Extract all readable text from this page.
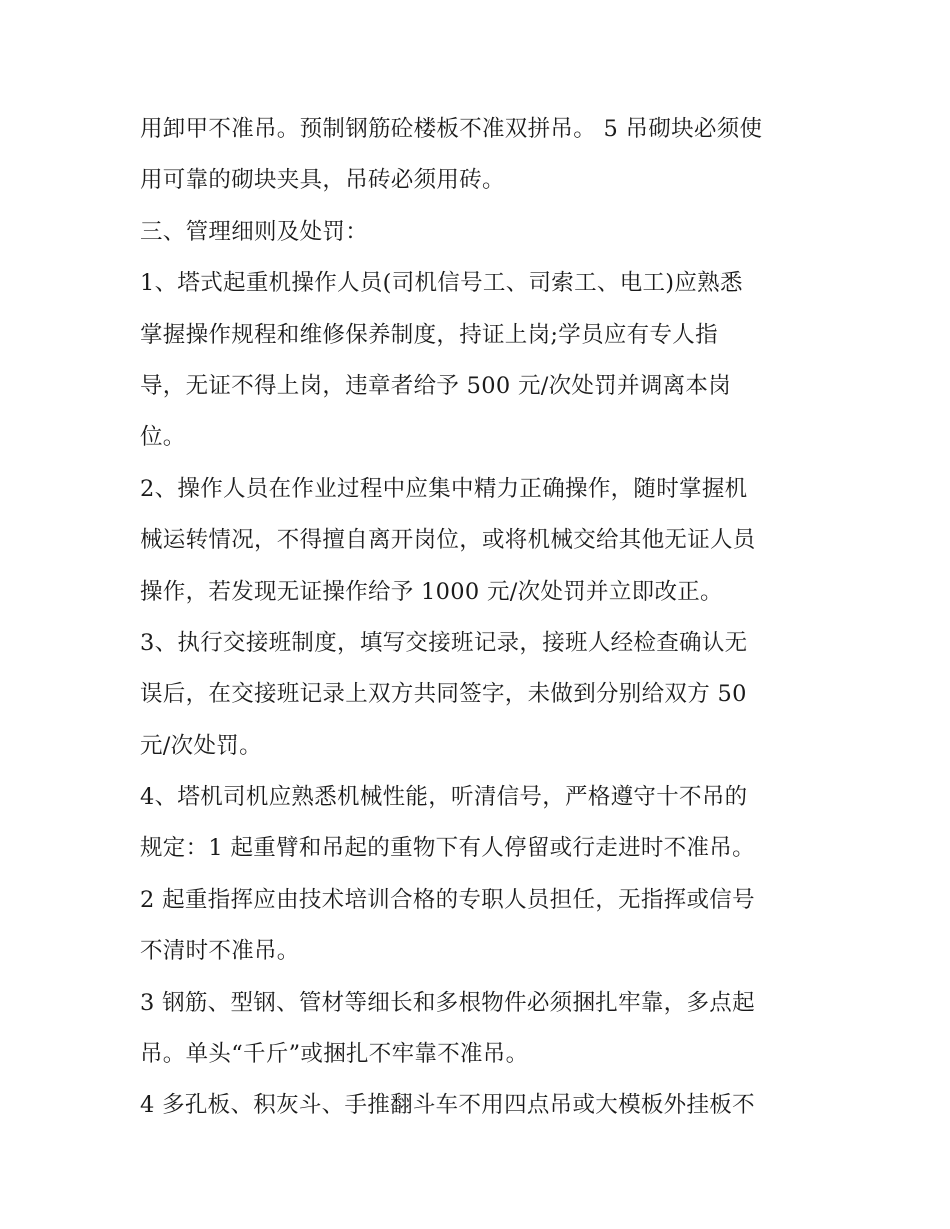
用卸甲不准吊。预制钢筋砼楼板不准双拼吊。 5 吊砌块必须使
用可靠的砌块夹具，吊砖必须用砖。
三、管理细则及处罚：
1、塔式起重机操作人员(司机信号工、司索工、电工)应熟悉
掌握操作规程和维修保养制度，持证上岗;学员应有专人指
导，无证不得上岗，违章者给予 500 元/次处罚并调离本岗
位。
2、操作人员在作业过程中应集中精力正确操作，随时掌握机
械运转情况，不得擅自离开岗位，或将机械交给其他无证人员
操作，若发现无证操作给予 1000 元/次处罚并立即改正。
3、执行交接班制度，填写交接班记录，接班人经检查确认无
误后，在交接班记录上双方共同签字，未做到分别给双方 50
元/次处罚。
4、塔机司机应熟悉机械性能，听清信号，严格遵守十不吊的
规定：1 起重臂和吊起的重物下有人停留或行走进时不准吊。
2 起重指挥应由技术培训合格的专职人员担任，无指挥或信号
不清时不准吊。
3 钢筋、型钢、管材等细长和多根物件必须捆扎牢靠，多点起
吊。单头“千斤”或捆扎不牢靠不准吊。
4 多孔板、积灰斗、手推翻斗车不用四点吊或大模板外挂板不
